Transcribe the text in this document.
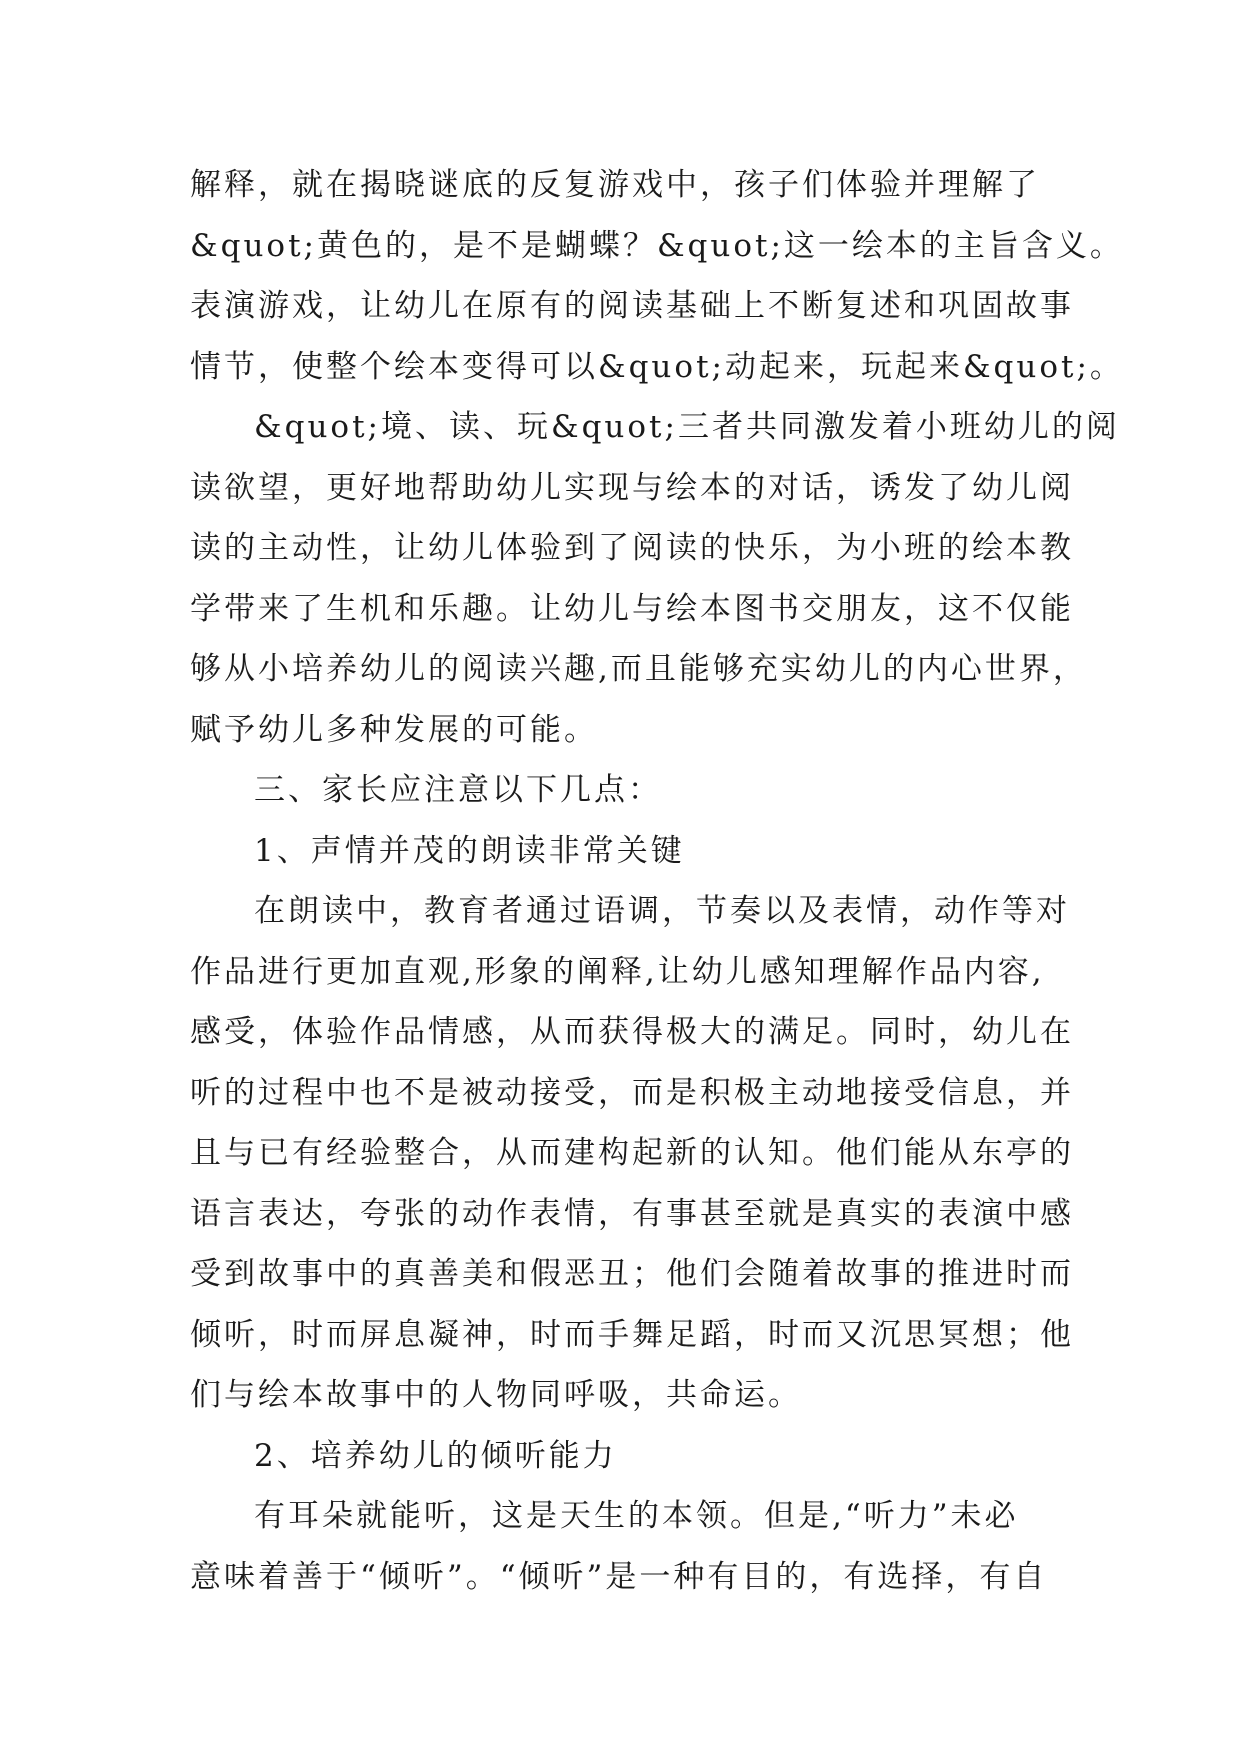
解释，就在揭晓谜底的反复游戏中，孩子们体验并理解了
&quot;黄色的，是不是蝴蝶？&quot;这一绘本的主旨含义。
表演游戏，让幼儿在原有的阅读基础上不断复述和巩固故事
情节，使整个绘本变得可以&quot;动起来，玩起来&quot;。
&quot;境、读、玩&quot;三者共同激发着小班幼儿的阅
读欲望，更好地帮助幼儿实现与绘本的对话，诱发了幼儿阅
读的主动性，让幼儿体验到了阅读的快乐，为小班的绘本教
学带来了生机和乐趣。让幼儿与绘本图书交朋友，这不仅能
够从小培养幼儿的阅读兴趣,而且能够充实幼儿的内心世界，
赋予幼儿多种发展的可能。
三、家长应注意以下几点：
1、声情并茂的朗读非常关键
在朗读中，教育者通过语调，节奏以及表情，动作等对
作品进行更加直观,形象的阐释,让幼儿感知理解作品内容,
感受，体验作品情感，从而获得极大的满足。同时，幼儿在
听的过程中也不是被动接受，而是积极主动地接受信息，并
且与已有经验整合，从而建构起新的认知。他们能从东亭的
语言表达，夸张的动作表情，有事甚至就是真实的表演中感
受到故事中的真善美和假恶丑；他们会随着故事的推进时而
倾听，时而屏息凝神，时而手舞足蹈，时而又沉思冥想；他
们与绘本故事中的人物同呼吸，共命运。
2、培养幼儿的倾听能力
有耳朵就能听，这是天生的本领。但是,“听力”未必
意味着善于“倾听”。“倾听”是一种有目的，有选择，有自
